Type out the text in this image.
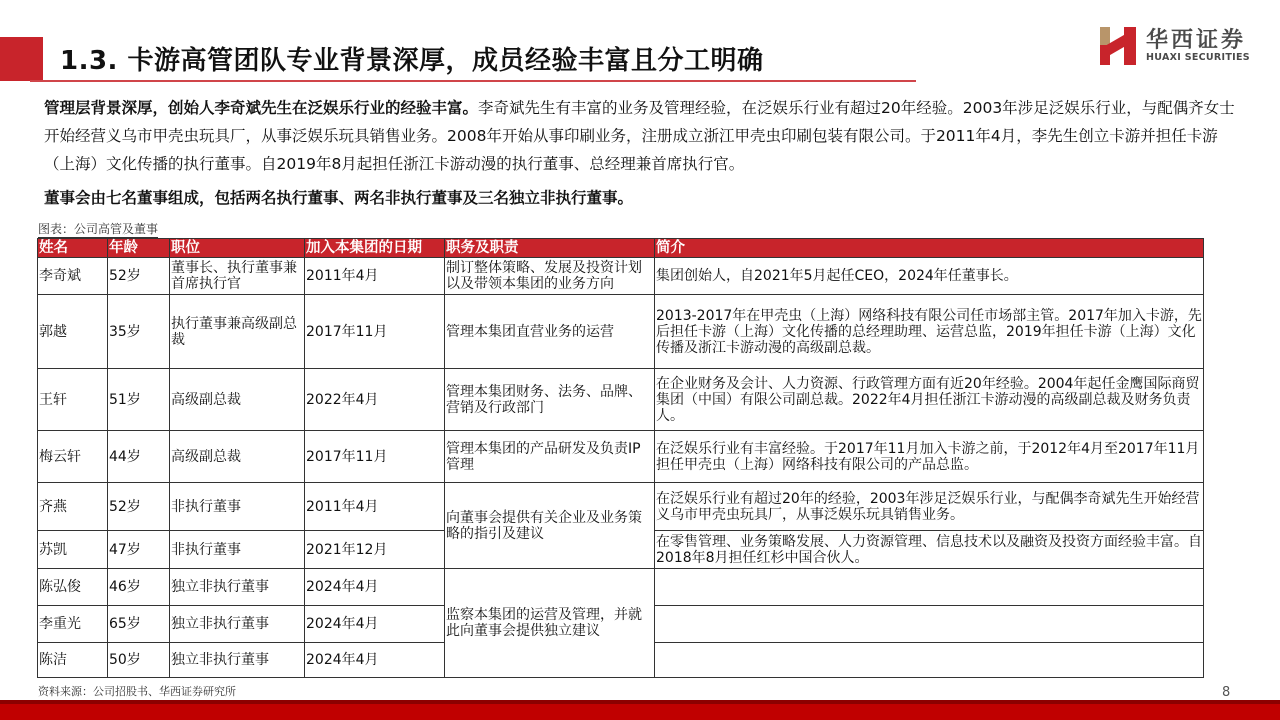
1.3. 卡游高管团队专业背景深厚，成员经验丰富且分工明确
华西证券
HUAXI SECURITIES
管理层背景深厚，创始人李奇斌先生在泛娱乐行业的经验丰富。李奇斌先生有丰富的业务及管理经验，在泛娱乐行业有超过20年经验。2003年涉足泛娱乐行业，与配偶齐女士开始经营义乌市甲壳虫玩具厂，从事泛娱乐玩具销售业务。2008年开始从事印刷业务，注册成立浙江甲壳虫印刷包装有限公司。于2011年4月，李先生创立卡游并担任卡游（上海）文化传播的执行董事。自2019年8月起担任浙江卡游动漫的执行董事、总经理兼首席执行官。
董事会由七名董事组成，包括两名执行董事、两名非执行董事及三名独立非执行董事。
图表：公司高管及董事
姓名	年龄	职位	加入本集团的日期	职务及职责	简介
李奇斌	52岁	董事长、执行董事兼首席执行官	2011年4月	制订整体策略、发展及投资计划以及带领本集团的业务方向	集团创始人，自2021年5月起任CEO，2024年任董事长。
郭越	35岁	执行董事兼高级副总裁	2017年11月	管理本集团直营业务的运营	2013-2017年在甲壳虫（上海）网络科技有限公司任市场部主管。2017年加入卡游，先后担任卡游（上海）文化传播的总经理助理、运营总监，2019年担任卡游（上海）文化传播及浙江卡游动漫的高级副总裁。
王轩	51岁	高级副总裁	2022年4月	管理本集团财务、法务、品牌、营销及行政部门	在企业财务及会计、人力资源、行政管理方面有近20年经验。2004年起任金鹰国际商贸集团（中国）有限公司副总裁。2022年4月担任浙江卡游动漫的高级副总裁及财务负责人。
梅云轩	44岁	高级副总裁	2017年11月	管理本集团的产品研发及负责IP管理	在泛娱乐行业有丰富经验。于2017年11月加入卡游之前，于2012年4月至2017年11月担任甲壳虫（上海）网络科技有限公司的产品总监。
齐燕	52岁	非执行董事	2011年4月	向董事会提供有关企业及业务策略的指引及建议	在泛娱乐行业有超过20年的经验，2003年涉足泛娱乐行业，与配偶李奇斌先生开始经营义乌市甲壳虫玩具厂，从事泛娱乐玩具销售业务。
苏凯	47岁	非执行董事	2021年12月		在零售管理、业务策略发展、人力资源管理、信息技术以及融资及投资方面经验丰富。自2018年8月担任红杉中国合伙人。
陈弘俊	46岁	独立非执行董事	2024年4月	监察本集团的运营及管理，并就此向董事会提供独立建议	
李重光	65岁	独立非执行董事	2024年4月		
陈洁	50岁	独立非执行董事	2024年4月		
资料来源：公司招股书、华西证券研究所	8
